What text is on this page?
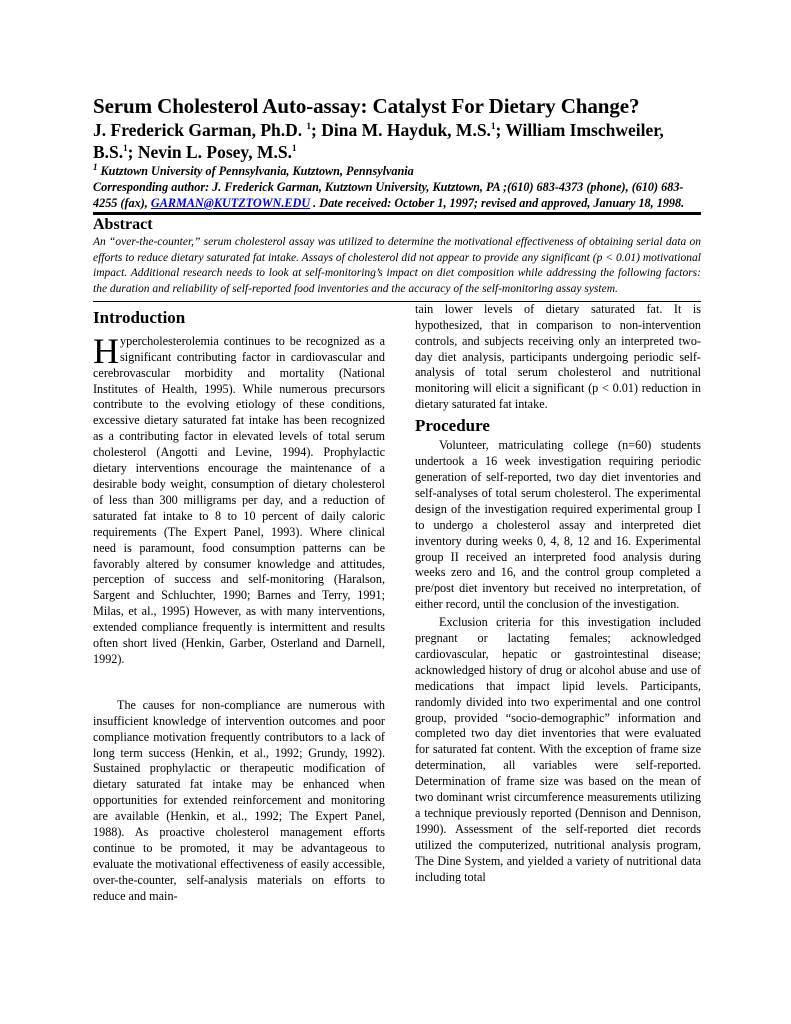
Serum Cholesterol Auto-assay: Catalyst For Dietary Change?
J. Frederick Garman, Ph.D. $^1$; Dina M. Hayduk, M.S.$^1$; William Imschweiler,
B.S.$^1$; Nevin L. Posey, M.S.$^1$

$^1$ Kutztown University of Pennsylvania, Kutztown, Pennsylvania

Corresponding author: J. Frederick Garman, Kutztown University, Kutztown, PA ;(610) 683-4373 (phone), (610) 683-4255 (fax), GARMAN@KUTZTOWN.EDU . Date received: October 1, 1997; revised and approved, January 18, 1998.

Abstract

An “over-the-counter,” serum cholesterol assay was utilized to determine the motivational effectiveness of obtaining serial data on efforts to reduce dietary saturated fat intake. Assays of cholesterol did not appear to provide any significant (p < 0.01) motivational impact. Additional research needs to look at self-monitoring’s impact on diet composition while addressing the following factors: the duration and reliability of self-reported food inventories and the accuracy of the self-monitoring assay system.

Introduction

Hypercholesterolemia continues to be recognized as a significant contributing factor in cardiovascular and cerebrovascular morbidity and mortality (National Institutes of Health, 1995). While numerous precursors contribute to the evolving etiology of these conditions, excessive dietary saturated fat intake has been recognized as a contributing factor in elevated levels of total serum cholesterol (Angotti and Levine, 1994). Prophylactic dietary interventions encourage the maintenance of a desirable body weight, consumption of dietary cholesterol of less than 300 milligrams per day, and a reduction of saturated fat intake to 8 to 10 percent of daily caloric requirements (The Expert Panel, 1993). Where clinical need is paramount, food consumption patterns can be favorably altered by consumer knowledge and attitudes, perception of success and self-monitoring (Haralson, Sargent and Schluchter, 1990; Barnes and Terry, 1991; Milas, et al., 1995) However, as with many interventions, extended compliance frequently is intermittent and results often short lived (Henkin, Garber, Osterland and Darnell, 1992).

The causes for non-compliance are numerous with insufficient knowledge of intervention outcomes and poor compliance motivation frequently contributors to a lack of long term success (Henkin, et al., 1992; Grundy, 1992). Sustained prophylactic or therapeutic modification of dietary saturated fat intake may be enhanced when opportunities for extended reinforcement and monitoring are available (Henkin, et al., 1992; The Expert Panel, 1988). As proactive cholesterol management efforts continue to be promoted, it may be advantageous to evaluate the motivational effectiveness of easily accessible, over-the-counter, self-analysis materials on efforts to reduce and main-

tain lower levels of dietary saturated fat. It is hypothesized, that in comparison to non-intervention controls, and subjects receiving only an interpreted two-day diet analysis, participants undergoing periodic self-analysis of total serum cholesterol and nutritional monitoring will elicit a significant (p < 0.01) reduction in dietary saturated fat intake.

Procedure

Volunteer, matriculating college (n=60) students undertook a 16 week investigation requiring periodic generation of self-reported, two day diet inventories and self-analyses of total serum cholesterol. The experimental design of the investigation required experimental group I to undergo a cholesterol assay and interpreted diet inventory during weeks 0, 4, 8, 12 and 16. Experimental group II received an interpreted food analysis during weeks zero and 16, and the control group completed a pre/post diet inventory but received no interpretation, of either record, until the conclusion of the investigation.

Exclusion criteria for this investigation included pregnant or lactating females; acknowledged cardiovascular, hepatic or gastrointestinal disease; acknowledged history of drug or alcohol abuse and use of medications that impact lipid levels. Participants, randomly divided into two experimental and one control group, provided “socio-demographic” information and completed two day diet inventories that were evaluated for saturated fat content. With the exception of frame size determination, all variables were self-reported. Determination of frame size was based on the mean of two dominant wrist circumference measurements utilizing a technique previously reported (Dennison and Dennison, 1990). Assessment of the self-reported diet records utilized the computerized, nutritional analysis program, The Dine System, and yielded a variety of nutritional data including total
